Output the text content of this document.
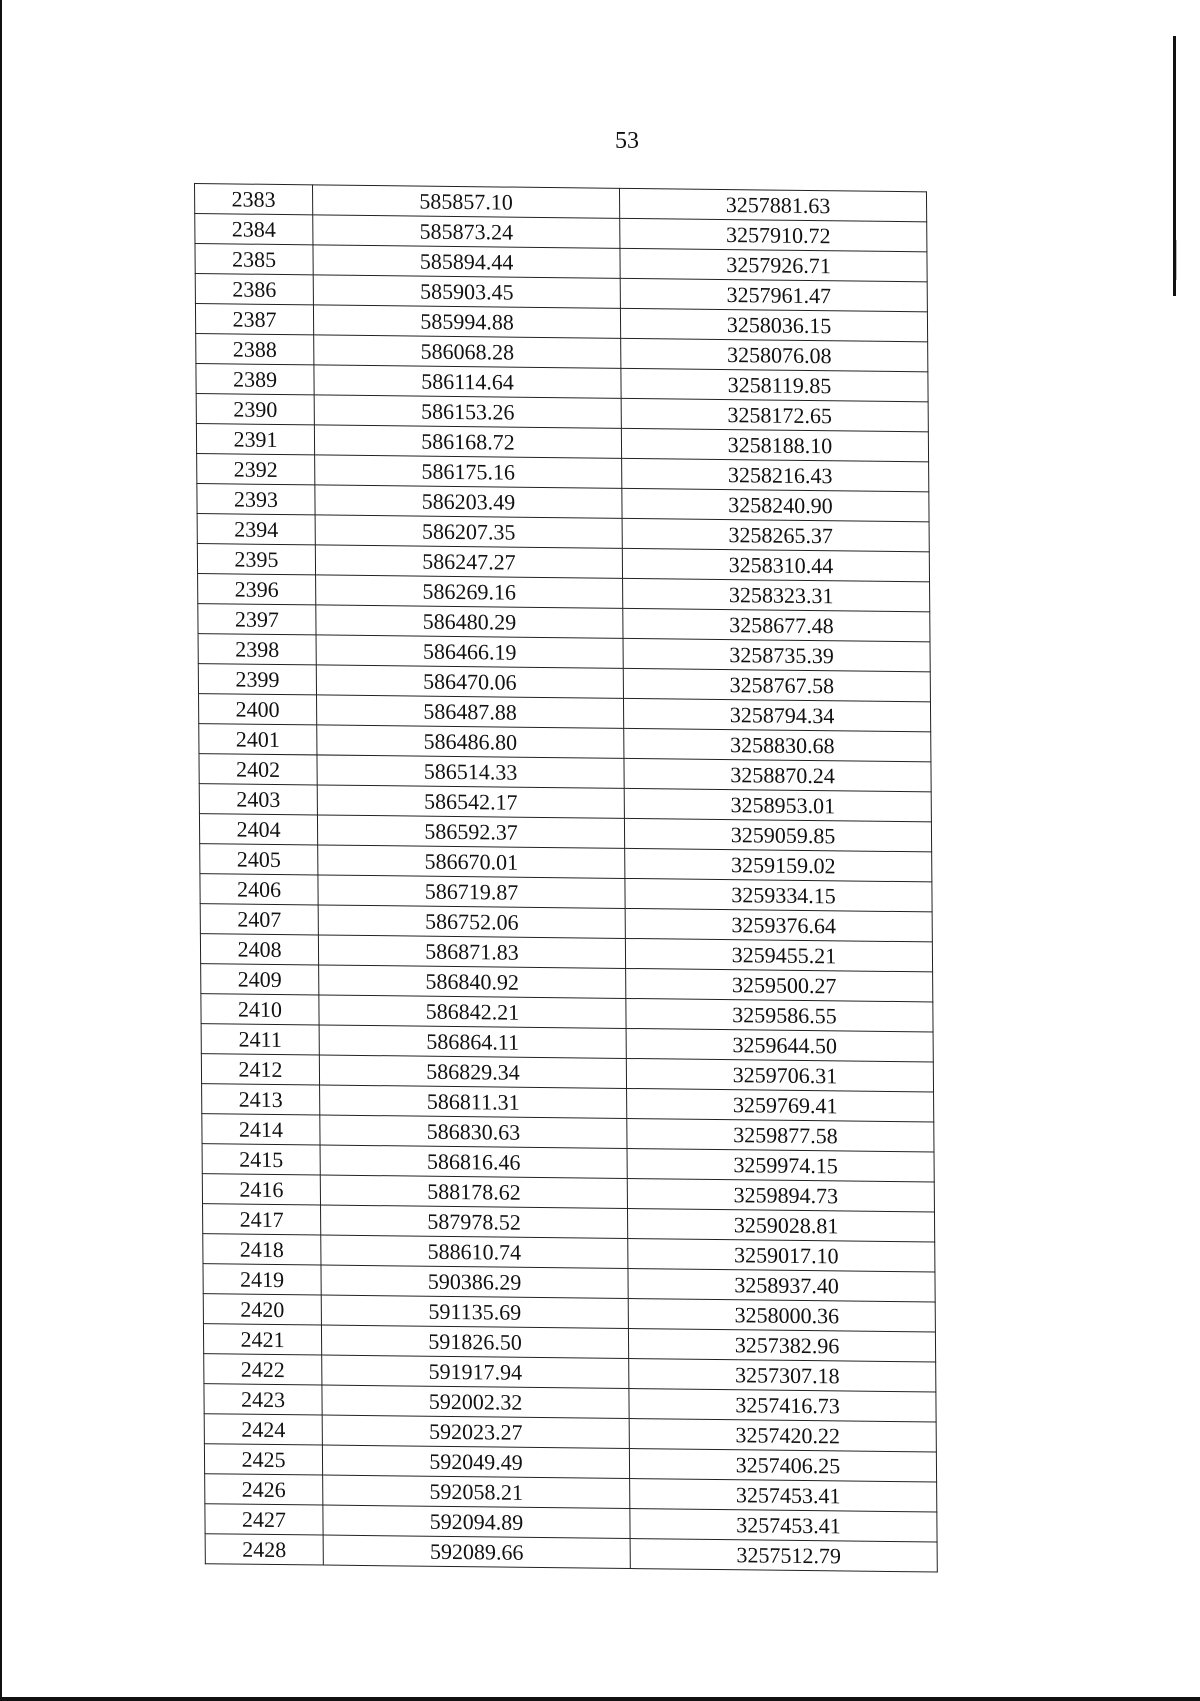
53
2383	585857.10	3257881.63
2384	585873.24	3257910.72
2385	585894.44	3257926.71
2386	585903.45	3257961.47
2387	585994.88	3258036.15
2388	586068.28	3258076.08
2389	586114.64	3258119.85
2390	586153.26	3258172.65
2391	586168.72	3258188.10
2392	586175.16	3258216.43
2393	586203.49	3258240.90
2394	586207.35	3258265.37
2395	586247.27	3258310.44
2396	586269.16	3258323.31
2397	586480.29	3258677.48
2398	586466.19	3258735.39
2399	586470.06	3258767.58
2400	586487.88	3258794.34
2401	586486.80	3258830.68
2402	586514.33	3258870.24
2403	586542.17	3258953.01
2404	586592.37	3259059.85
2405	586670.01	3259159.02
2406	586719.87	3259334.15
2407	586752.06	3259376.64
2408	586871.83	3259455.21
2409	586840.92	3259500.27
2410	586842.21	3259586.55
2411	586864.11	3259644.50
2412	586829.34	3259706.31
2413	586811.31	3259769.41
2414	586830.63	3259877.58
2415	586816.46	3259974.15
2416	588178.62	3259894.73
2417	587978.52	3259028.81
2418	588610.74	3259017.10
2419	590386.29	3258937.40
2420	591135.69	3258000.36
2421	591826.50	3257382.96
2422	591917.94	3257307.18
2423	592002.32	3257416.73
2424	592023.27	3257420.22
2425	592049.49	3257406.25
2426	592058.21	3257453.41
2427	592094.89	3257453.41
2428	592089.66	3257512.79
